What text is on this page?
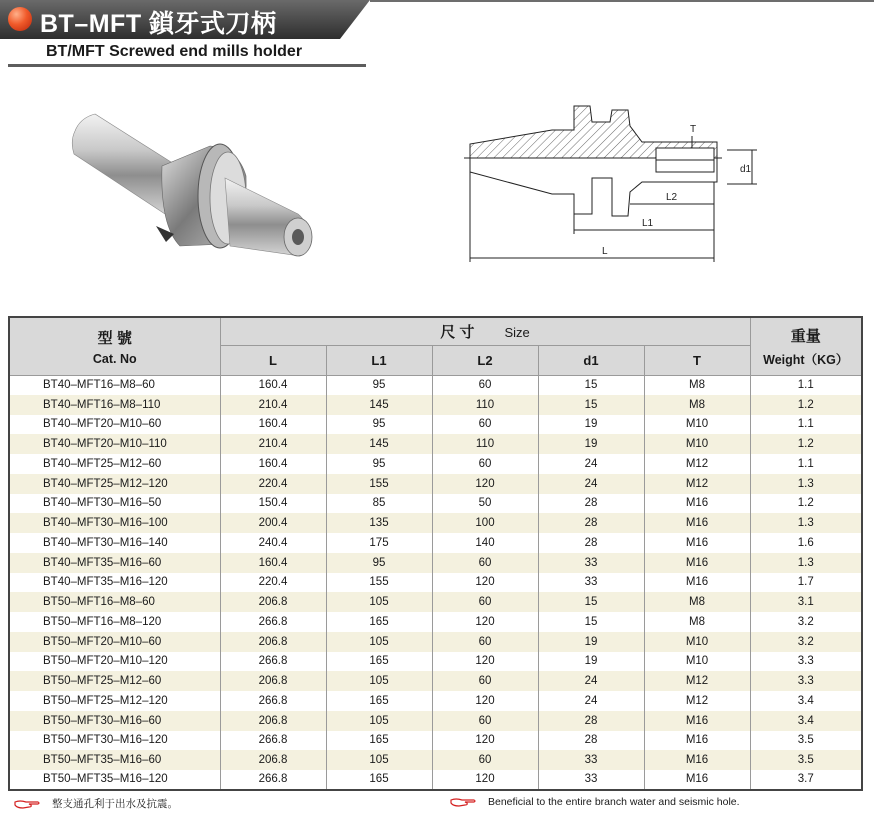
BT–MFT 鎖牙式刀柄
BT/MFT Screwed end mills holder
T
d1
L2
L1
L
型 號
Cat. No	尺 寸 Size					重量
Weight（KG）

	L	L1	L2	d1	T	
BT40–MFT16–M8–60	160.4	95	60	15	M8	1.1
BT40–MFT16–M8–110	210.4	145	110	15	M8	1.2
BT40–MFT20–M10–60	160.4	95	60	19	M10	1.1
BT40–MFT20–M10–110	210.4	145	110	19	M10	1.2
BT40–MFT25–M12–60	160.4	95	60	24	M12	1.1
BT40–MFT25–M12–120	220.4	155	120	24	M12	1.3
BT40–MFT30–M16–50	150.4	85	50	28	M16	1.2
BT40–MFT30–M16–100	200.4	135	100	28	M16	1.3
BT40–MFT30–M16–140	240.4	175	140	28	M16	1.6
BT40–MFT35–M16–60	160.4	95	60	33	M16	1.3
BT40–MFT35–M16–120	220.4	155	120	33	M16	1.7
BT50–MFT16–M8–60	206.8	105	60	15	M8	3.1
BT50–MFT16–M8–120	266.8	165	120	15	M8	3.2
BT50–MFT20–M10–60	206.8	105	60	19	M10	3.2
BT50–MFT20–M10–120	266.8	165	120	19	M10	3.3
BT50–MFT25–M12–60	206.8	105	60	24	M12	3.3
BT50–MFT25–M12–120	266.8	165	120	24	M12	3.4
BT50–MFT30–M16–60	206.8	105	60	28	M16	3.4
BT50–MFT30–M16–120	266.8	165	120	28	M16	3.5
BT50–MFT35–M16–60	206.8	105	60	33	M16	3.5
BT50–MFT35–M16–120	266.8	165	120	33	M16	3.7
整支通孔利于出水及抗震。	Beneficial to the entire branch water and seismic hole.
